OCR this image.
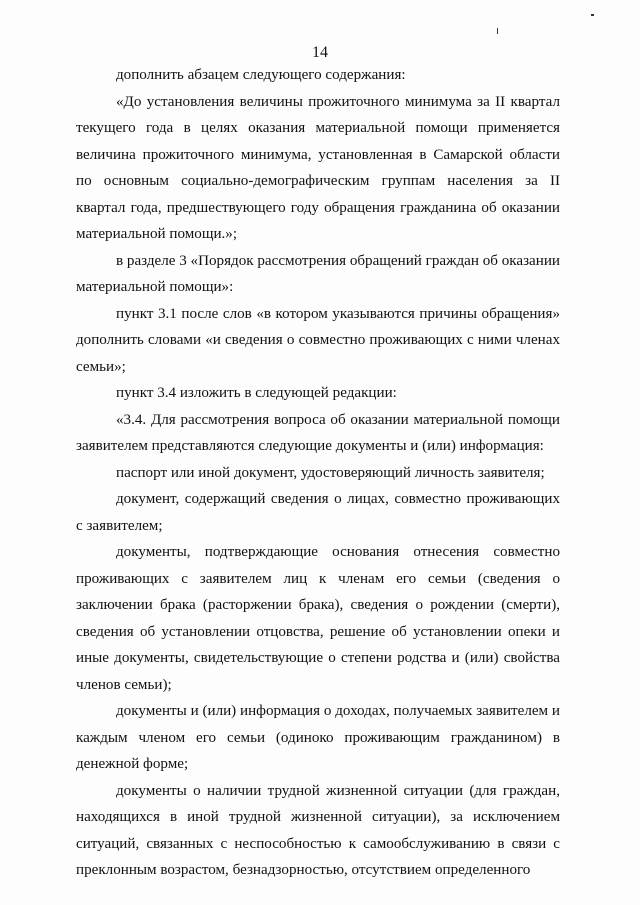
14

дополнить абзацем следующего содержания:

«До установления величины прожиточного минимума за II квартал текущего года в целях оказания материальной помощи применяется величина прожиточного минимума, установленная в Самарской области по основным социально-демографическим группам населения за II квартал года, предшествующего году обращения гражданина об оказании материальной помощи.»;

в разделе 3 «Порядок рассмотрения обращений граждан об оказании материальной помощи»:

пункт 3.1 после слов «в котором указываются причины обращения» дополнить словами «и сведения о совместно проживающих с ними членах семьи»;

пункт 3.4 изложить в следующей редакции:

«3.4. Для рассмотрения вопроса об оказании материальной помощи заявителем представляются следующие документы и (или) информация:

паспорт или иной документ, удостоверяющий личность заявителя;

документ, содержащий сведения о лицах, совместно проживающих с заявителем;

документы, подтверждающие основания отнесения совместно проживающих с заявителем лиц к членам его семьи (сведения о заключении брака (расторжении брака), сведения о рождении (смерти), сведения об установлении отцовства, решение об установлении опеки и иные документы, свидетельствующие о степени родства и (или) свойства членов семьи);

документы и (или) информация о доходах, получаемых заявителем и каждым членом его семьи (одиноко проживающим гражданином) в денежной форме;

документы о наличии трудной жизненной ситуации (для граждан, находящихся в иной трудной жизненной ситуации), за исключением ситуаций, связанных с неспособностью к самообслуживанию в связи с преклонным возрастом, безнадзорностью, отсутствием определенного
